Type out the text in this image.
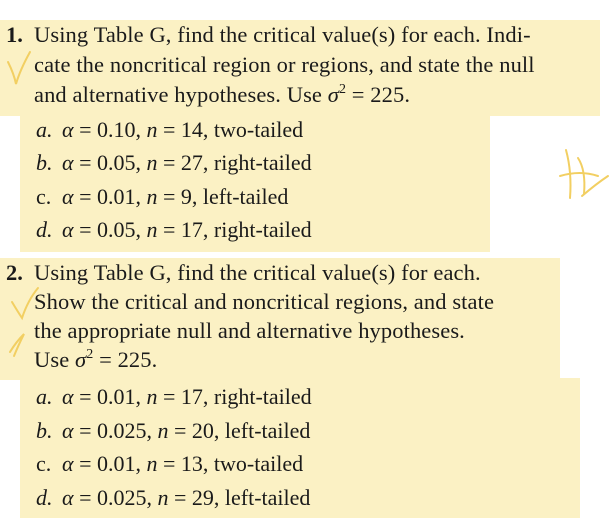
1. Using Table G, find the critical value(s) for each. Indi-
cate the noncritical region or regions, and state the null
and alternative hypotheses. Use $\sigma^2 = 225$.
a. α = 0.10, n = 14, two-tailed
b. α = 0.05, n = 27, right-tailed
c. α = 0.01, n = 9, left-tailed
d. α = 0.05, n = 17, right-tailed
2. Using Table G, find the critical value(s) for each.
Show the critical and noncritical regions, and state
the appropriate null and alternative hypotheses.
Use $\sigma^2 = 225$.
a. α = 0.01, n = 17, right-tailed
b. α = 0.025, n = 20, left-tailed
c. α = 0.01, n = 13, two-tailed
d. α = 0.025, n = 29, left-tailed
